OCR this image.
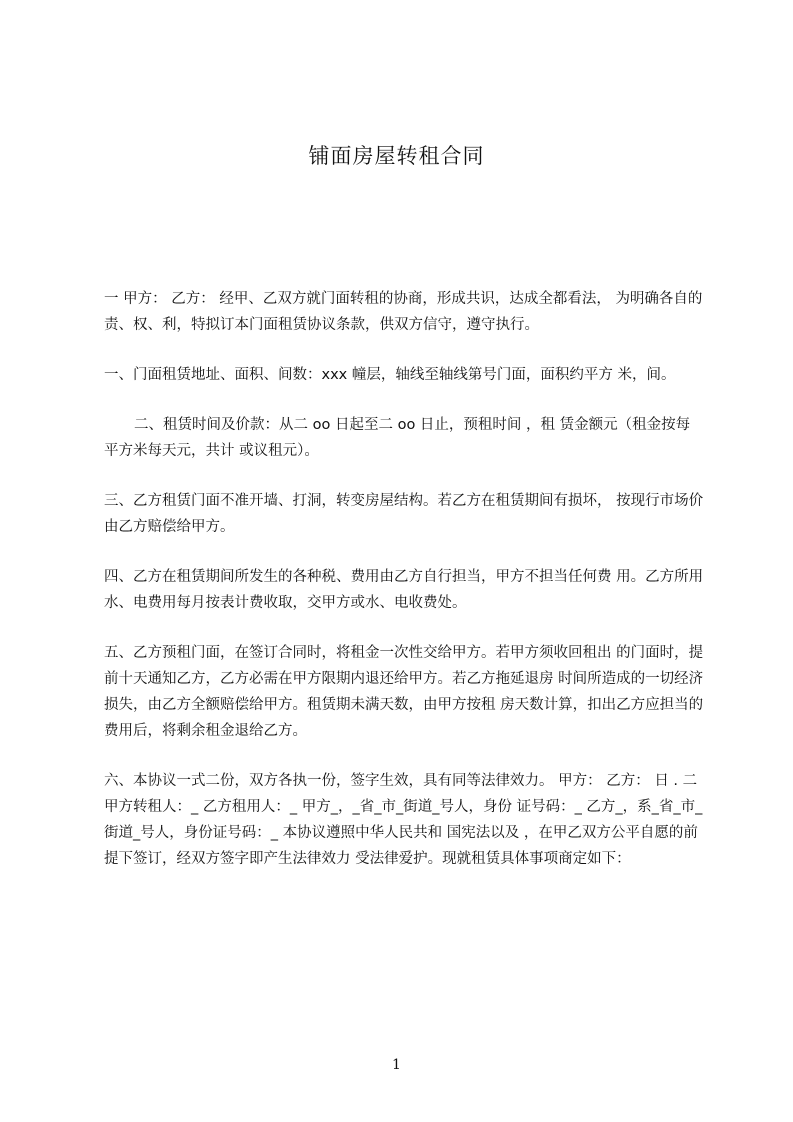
铺面房屋转租合同
一 甲方： 乙方： 经甲、乙双方就门面转租的协商，形成共识，达成全都看法， 为明确各自的责、权、利，特拟订本门面租赁协议条款，供双方信守，遵守执行。
一、门面租赁地址、面积、间数：xxx 幢层，轴线至轴线第号门面，面积约平方 米，间。
二、租赁时间及价款：从二 oo 日起至二 oo 日止，预租时间 ，租 赁金额元（租金按每平方米每天元，共计 或议租元）。
三、乙方租赁门面不准开墙、打洞，转变房屋结构。若乙方在租赁期间有损坏， 按现行市场价由乙方赔偿给甲方。
四、乙方在租赁期间所发生的各种税、费用由乙方自行担当，甲方不担当任何费 用。乙方所用水、电费用每月按表计费收取，交甲方或水、电收费处。
五、乙方预租门面，在签订合同时，将租金一次性交给甲方。若甲方须收回租出 的门面时，提前十天通知乙方，乙方必需在甲方限期内退还给甲方。若乙方拖延退房 时间所造成的一切经济损失，由乙方全额赔偿给甲方。租赁期未满天数，由甲方按租 房天数计算，扣出乙方应担当的费用后，将剩余租金退给乙方。
六、本协议一式二份，双方各执一份，签字生效，具有同等法律效力。 甲方： 乙方： 日 . 二 甲方转租人：_ 乙方租用人：_ 甲方_，_省_市_街道_号人，身份 证号码：_ 乙方_，系_省_市_街道_号人，身份证号码：_ 本协议遵照中华人民共和 国宪法以及 ，在甲乙双方公平自愿的前提下签订，经双方签字即产生法律效力 受法律爱护。现就租赁具体事项商定如下：
1
